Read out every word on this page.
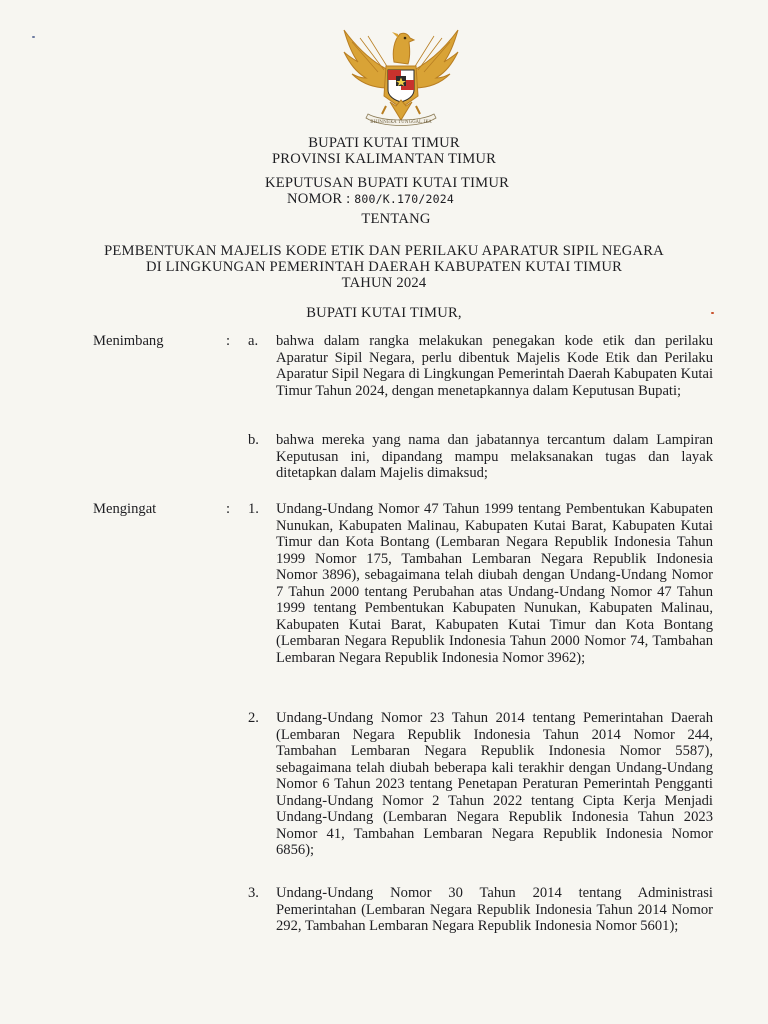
BHINNEKA TUNGGAL IKA
BUPATI KUTAI TIMUR
PROVINSI KALIMANTAN TIMUR
KEPUTUSAN BUPATI KUTAI TIMUR
NOMOR : 800/K.170/2024
TENTANG
PEMBENTUKAN MAJELIS KODE ETIK DAN PERILAKU APARATUR SIPIL NEGARA
DI LINGKUNGAN PEMERINTAH DAERAH KABUPATEN KUTAI TIMUR
TAHUN 2024
BUPATI KUTAI TIMUR,
Menimbang	: a. bahwa dalam rangka melakukan penegakan kode etik dan perilaku Aparatur Sipil Negara, perlu dibentuk Majelis Kode Etik dan Perilaku Aparatur Sipil Negara di Lingkungan Pemerintah Daerah Kabupaten Kutai Timur Tahun 2024, dengan menetapkannya dalam Keputusan Bupati;

b. bahwa mereka yang nama dan jabatannya tercantum dalam Lampiran Keputusan ini, dipandang mampu melaksanakan tugas dan layak ditetapkan dalam Majelis dimaksud;

Mengingat	: 1. Undang-Undang Nomor 47 Tahun 1999 tentang Pembentukan Kabupaten Nunukan, Kabupaten Malinau, Kabupaten Kutai Barat, Kabupaten Kutai Timur dan Kota Bontang (Lembaran Negara Republik Indonesia Tahun 1999 Nomor 175, Tambahan Lembaran Negara Republik Indonesia Nomor 3896), sebagaimana telah diubah dengan Undang-Undang Nomor 7 Tahun 2000 tentang Perubahan atas Undang-Undang Nomor 47 Tahun 1999 tentang Pembentukan Kabupaten Nunukan, Kabupaten Malinau, Kabupaten Kutai Barat, Kabupaten Kutai Timur dan Kota Bontang (Lembaran Negara Republik Indonesia Tahun 2000 Nomor 74, Tambahan Lembaran Negara Republik Indonesia Nomor 3962);

2. Undang-Undang Nomor 23 Tahun 2014 tentang Pemerintahan Daerah (Lembaran Negara Republik Indonesia Tahun 2014 Nomor 244, Tambahan Lembaran Negara Republik Indonesia Nomor 5587), sebagaimana telah diubah beberapa kali terakhir dengan Undang-Undang Nomor 6 Tahun 2023 tentang Penetapan Peraturan Pemerintah Pengganti Undang-Undang Nomor 2 Tahun 2022 tentang Cipta Kerja Menjadi Undang-Undang (Lembaran Negara Republik Indonesia Tahun 2023 Nomor 41, Tambahan Lembaran Negara Republik Indonesia Nomor 6856);

3. Undang-Undang Nomor 30 Tahun 2014 tentang Administrasi Pemerintahan (Lembaran Negara Republik Indonesia Tahun 2014 Nomor 292, Tambahan Lembaran Negara Republik Indonesia Nomor 5601);
